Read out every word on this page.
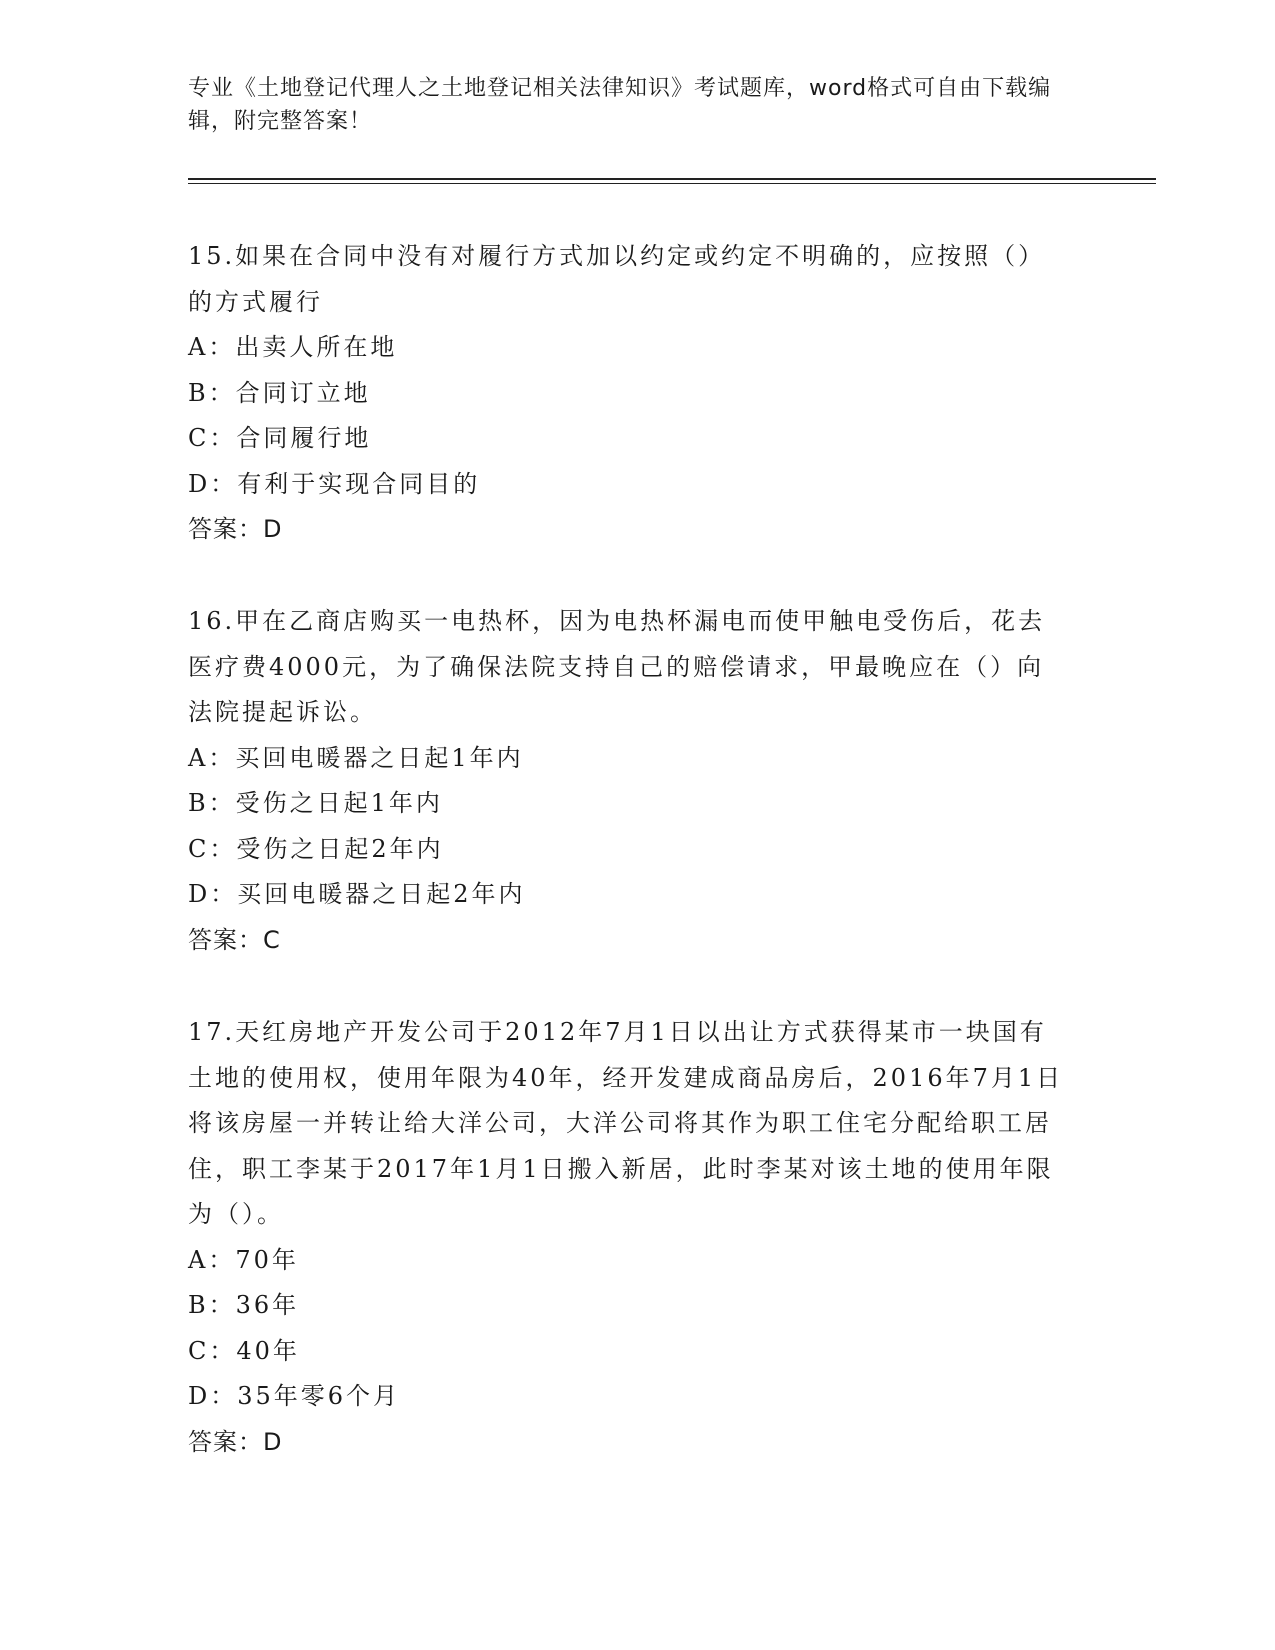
专业《土地登记代理人之土地登记相关法律知识》考试题库，word格式可自由下载编辑，附完整答案！

15.如果在合同中没有对履行方式加以约定或约定不明确的，应按照（）的方式履行

A：出卖人所在地

B：合同订立地

C：合同履行地

D：有利于实现合同目的

答案：D

16.甲在乙商店购买一电热杯，因为电热杯漏电而使甲触电受伤后，花去医疗费4000元，为了确保法院支持自己的赔偿请求，甲最晚应在（）向法院提起诉讼。

A：买回电暖器之日起1年内

B：受伤之日起1年内

C：受伤之日起2年内

D：买回电暖器之日起2年内

答案：C

17.天红房地产开发公司于2012年7月1日以出让方式获得某市一块国有土地的使用权，使用年限为40年，经开发建成商品房后，2016年7月1日将该房屋一并转让给大洋公司，大洋公司将其作为职工住宅分配给职工居住，职工李某于2017年1月1日搬入新居，此时李某对该土地的使用年限为（）。

A：70年

B：36年

C：40年

D：35年零6个月

答案：D
